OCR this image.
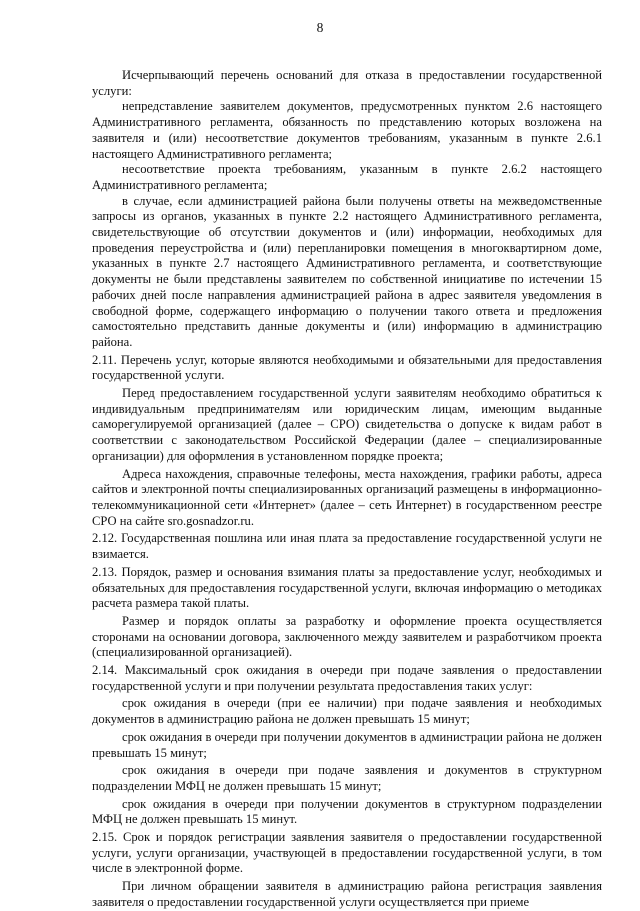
8

Исчерпывающий перечень оснований для отказа в предоставлении государственной услуги:

непредставление заявителем документов, предусмотренных пунктом 2.6 настоящего Административного регламента, обязанность по представлению которых возложена на заявителя и (или) несоответствие документов требованиям, указанным в пункте 2.6.1 настоящего Административного регламента;

несоответствие проекта требованиям, указанным в пункте 2.6.2 настоящего Административного регламента;

в случае, если администрацией района были получены ответы на межведомственные запросы из органов, указанных в пункте 2.2 настоящего Административного регламента, свидетельствующие об отсутствии документов и (или) информации, необходимых для проведения переустройства и (или) перепланировки помещения в многоквартирном доме, указанных в пункте 2.7 настоящего Административного регламента, и соответствующие документы не были представлены заявителем по собственной инициативе по истечении 15 рабочих дней после направления администрацией района в адрес заявителя уведомления в свободной форме, содержащего информацию о получении такого ответа и предложения самостоятельно представить данные документы и (или) информацию в администрацию района.

2.11. Перечень услуг, которые являются необходимыми и обязательными для предоставления государственной услуги.

Перед предоставлением государственной услуги заявителям необходимо обратиться к индивидуальным предпринимателям или юридическим лицам, имеющим выданные саморегулируемой организацией (далее – СРО) свидетельства о допуске к видам работ в соответствии с законодательством Российской Федерации (далее – специализированные организации) для оформления в установленном порядке проекта;

Адреса нахождения, справочные телефоны, места нахождения, графики работы, адреса сайтов и электронной почты специализированных организаций размещены в информационно-телекоммуникационной сети «Интернет» (далее – сеть Интернет) в государственном реестре СРО на сайте sro.gosnadzor.ru.

2.12. Государственная пошлина или иная плата за предоставление государственной услуги не взимается.

2.13. Порядок, размер и основания взимания платы за предоставление услуг, необходимых и обязательных для предоставления государственной услуги, включая информацию о методиках расчета размера такой платы.

Размер и порядок оплаты за разработку и оформление проекта осуществляется сторонами на основании договора, заключенного между заявителем и разработчиком проекта (специализированной организацией).

2.14. Максимальный срок ожидания в очереди при подаче заявления о предоставлении государственной услуги и при получении результата предоставления таких услуг:

срок ожидания в очереди (при ее наличии) при подаче заявления и необходимых документов в администрацию района не должен превышать 15 минут;

срок ожидания в очереди при получении документов в администрации района не должен превышать 15 минут;

срок ожидания в очереди при подаче заявления и документов в структурном подразделении МФЦ не должен превышать 15 минут;

срок ожидания в очереди при получении документов в структурном подразделении МФЦ не должен превышать 15 минут.

2.15. Срок и порядок регистрации заявления заявителя о предоставлении государственной услуги, услуги организации, участвующей в предоставлении государственной услуги, в том числе в электронной форме.

При личном обращении заявителя в администрацию района регистрация заявления заявителя о предоставлении государственной услуги осуществляется при приеме
